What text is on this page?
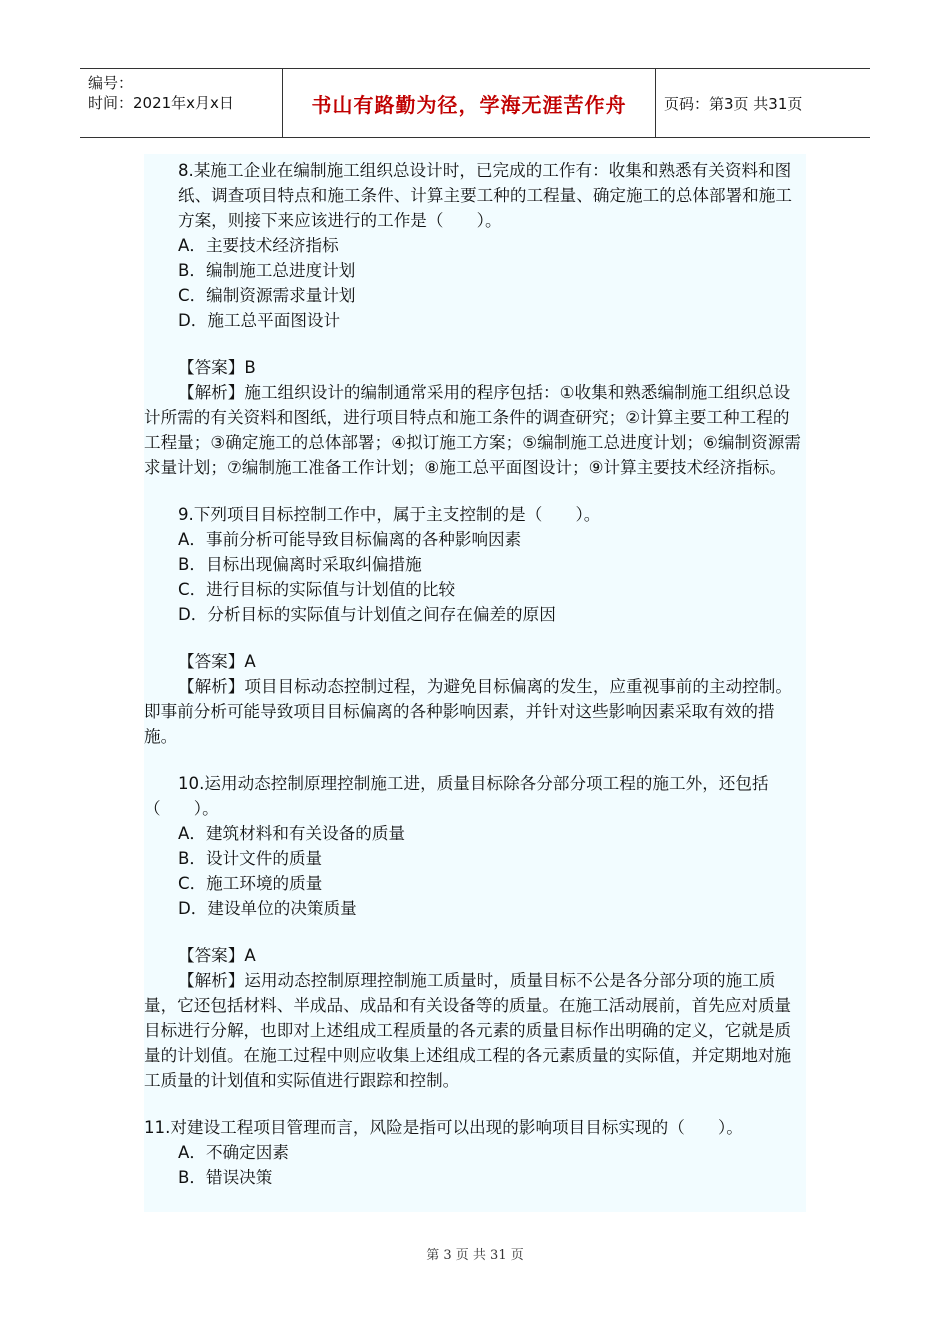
编号：
时间：2021年x月x日	书山有路勤为径，学海无涯苦作舟	页码：第3页 共31页

8.某施工企业在编制施工组织总设计时，已完成的工作有：收集和熟悉有关资料和图纸、调查项目特点和施工条件、计算主要工种的工程量、确定施工的总体部署和施工方案，则接下来应该进行的工作是（　　）。

A．主要技术经济指标

B．编制施工总进度计划

C．编制资源需求量计划

D．施工总平面图设计

【答案】B

【解析】施工组织设计的编制通常采用的程序包括：①收集和熟悉编制施工组织总设计所需的有关资料和图纸，进行项目特点和施工条件的调查研究；②计算主要工种工程的工程量；③确定施工的总体部署；④拟订施工方案；⑤编制施工总进度计划；⑥编制资源需求量计划；⑦编制施工准备工作计划；⑧施工总平面图设计；⑨计算主要技术经济指标。

9.下列项目目标控制工作中，属于主支控制的是（　　）。

A．事前分析可能导致目标偏离的各种影响因素

B．目标出现偏离时采取纠偏措施

C．进行目标的实际值与计划值的比较

D．分析目标的实际值与计划值之间存在偏差的原因

【答案】A

【解析】项目目标动态控制过程，为避免目标偏离的发生，应重视事前的主动控制。即事前分析可能导致项目目标偏离的各种影响因素，并针对这些影响因素采取有效的措施。

10.运用动态控制原理控制施工进，质量目标除各分部分项工程的施工外，还包括（　　）。

A．建筑材料和有关设备的质量

B．设计文件的质量

C．施工环境的质量

D．建设单位的决策质量

【答案】A

【解析】运用动态控制原理控制施工质量时，质量目标不公是各分部分项的施工质量，它还包括材料、半成品、成品和有关设备等的质量。在施工活动展前，首先应对质量目标进行分解，也即对上述组成工程质量的各元素的质量目标作出明确的定义，它就是质量的计划值。在施工过程中则应收集上述组成工程的各元素质量的实际值，并定期地对施工质量的计划值和实际值进行跟踪和控制。

11.对建设工程项目管理而言，风险是指可以出现的影响项目目标实现的（　　）。

A．不确定因素

B．错误决策

第 3 页 共 31 页
